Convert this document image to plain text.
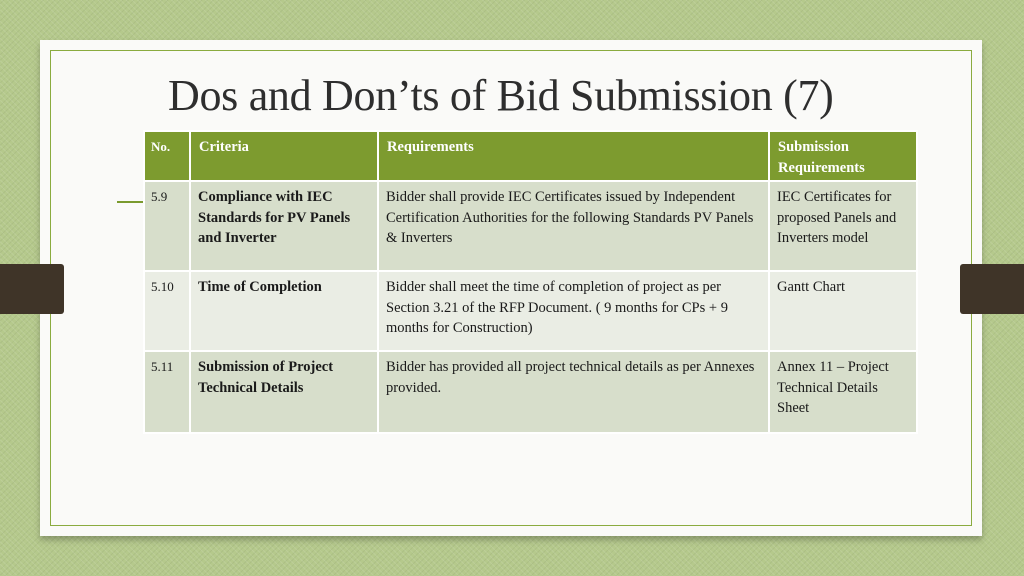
Dos and Don’ts of Bid Submission (7)
No.	Criteria	Requirements	Submission Requirements
5.9	Compliance with IEC Standards for PV Panels and Inverter	Bidder shall provide IEC Certificates issued by Independent Certification Authorities for the following Standards PV Panels & Inverters	IEC Certificates for proposed Panels and Inverters model
5.10	Time of Completion	Bidder shall meet the time of completion of project as per Section 3.21 of the RFP Document. ( 9 months for CPs + 9 months for Construction)	Gantt Chart
5.11	Submission of Project Technical Details	Bidder has provided all project technical details as per Annexes provided.	Annex 11 – Project Technical Details Sheet
